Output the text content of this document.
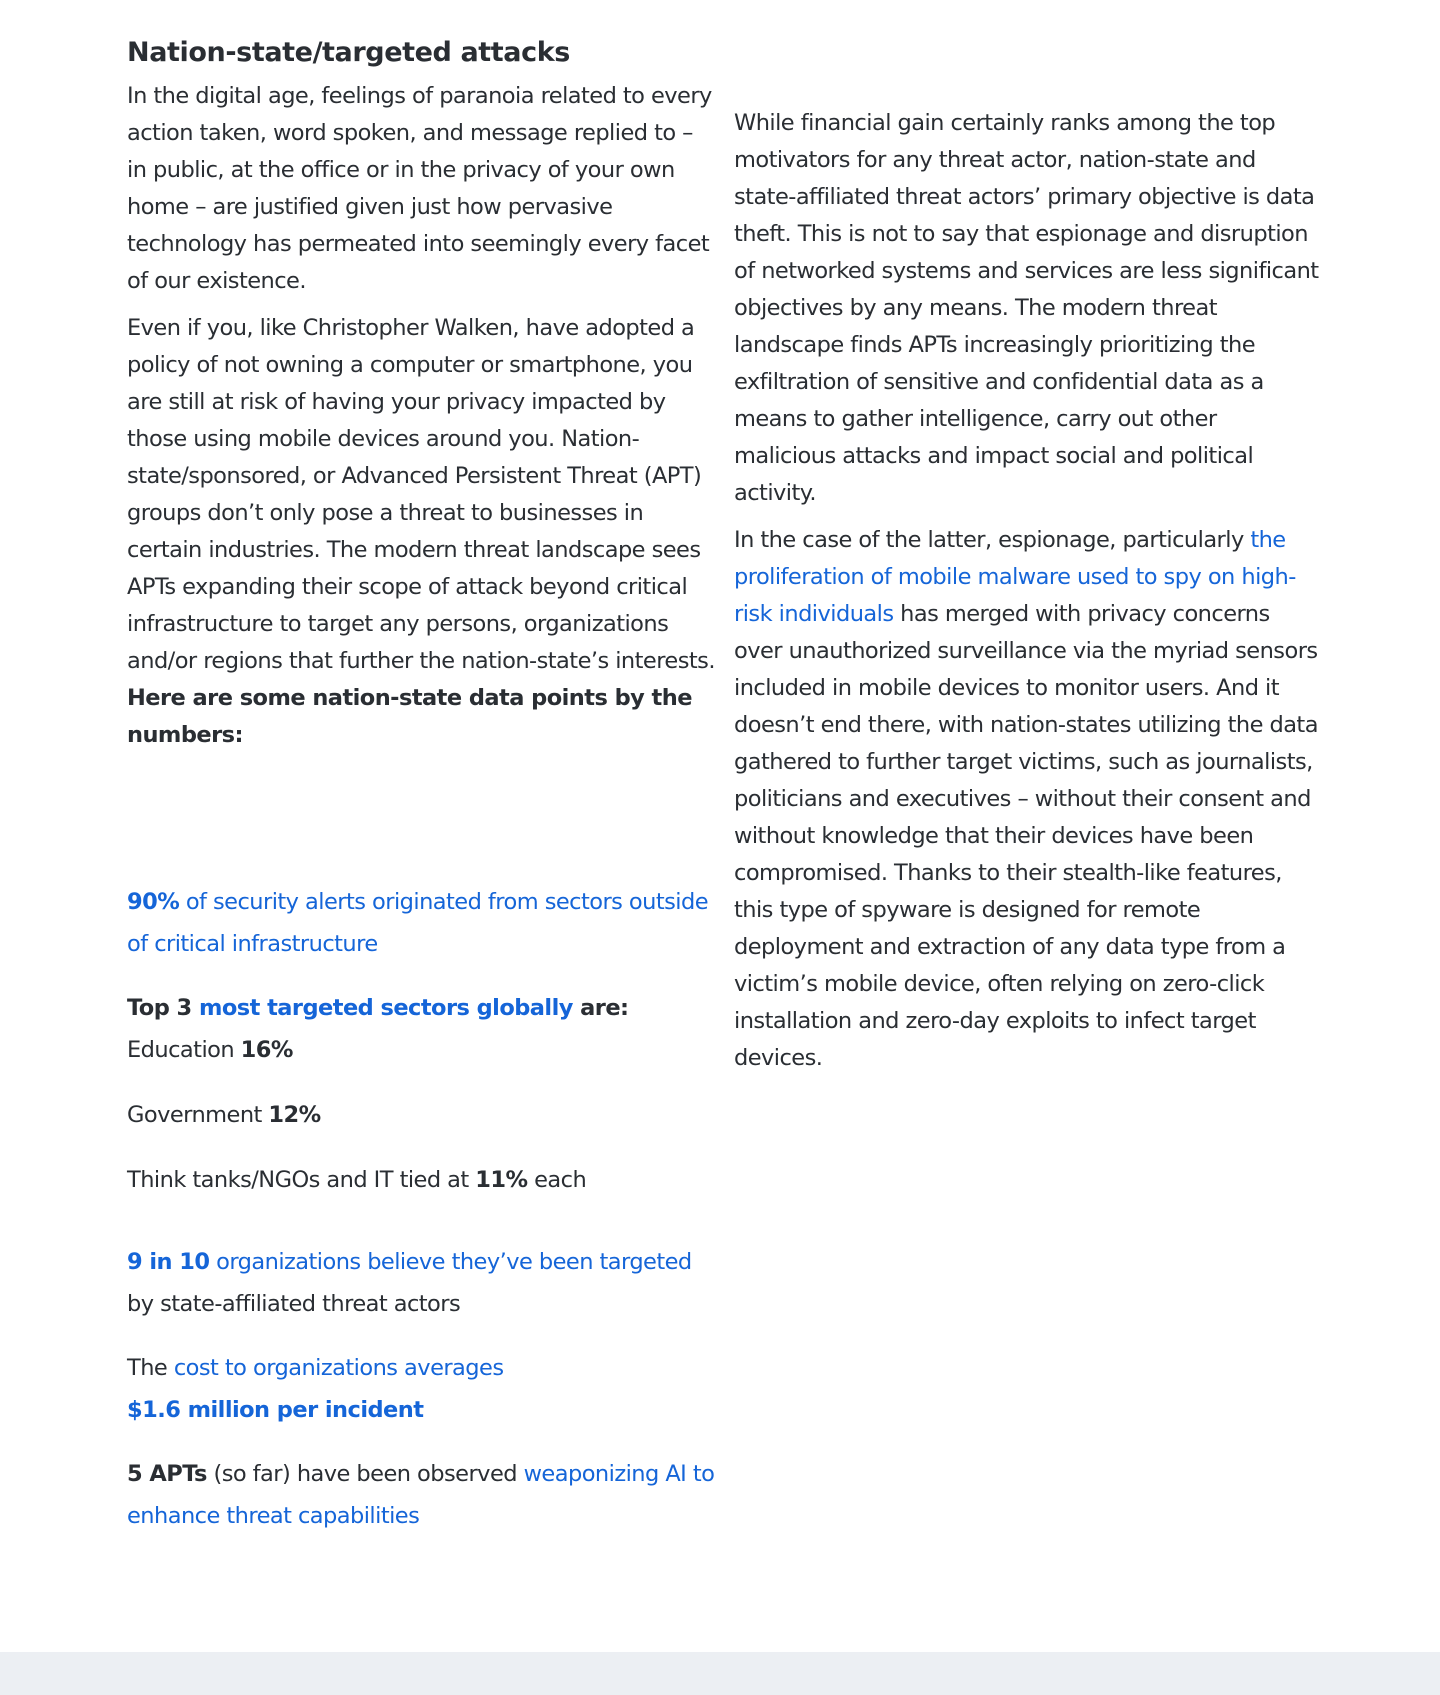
Nation-state/targeted attacks

In the digital age, feelings of paranoia related to every action taken, word spoken, and message replied to – in public, at the office or in the privacy of your own home – are justified given just how pervasive technology has permeated into seemingly every facet of our existence.

Even if you, like Christopher Walken, have adopted a policy of not owning a computer or smartphone, you are still at risk of having your privacy impacted by those using mobile devices around you. Nation-state/sponsored, or Advanced Persistent Threat (APT) groups don’t only pose a threat to businesses in certain industries. The modern threat landscape sees APTs expanding their scope of attack beyond critical infrastructure to target any persons, organizations and/or regions that further the nation-state’s interests.

Here are some nation-state data points by the numbers:

90% of security alerts originated from sectors outside of critical infrastructure

Top 3 most targeted sectors globally are:

Education 16%

Government 12%

Think tanks/NGOs and IT tied at 11% each

9 in 10 organizations believe they’ve been targeted by state-affiliated threat actors

The cost to organizations averages
$1.6 million per incident

5 APTs (so far) have been observed weaponizing AI to enhance threat capabilities

While financial gain certainly ranks among the top motivators for any threat actor, nation-state and state-affiliated threat actors’ primary objective is data theft. This is not to say that espionage and disruption of networked systems and services are less significant objectives by any means. The modern threat landscape finds APTs increasingly prioritizing the exfiltration of sensitive and confidential data as a means to gather intelligence, carry out other malicious attacks and impact social and political activity.

In the case of the latter, espionage, particularly the proliferation of mobile malware used to spy on high-risk individuals has merged with privacy concerns over unauthorized surveillance via the myriad sensors included in mobile devices to monitor users. And it doesn’t end there, with nation-states utilizing the data gathered to further target victims, such as journalists, politicians and executives – without their consent and without knowledge that their devices have been compromised. Thanks to their stealth-like features, this type of spyware is designed for remote deployment and extraction of any data type from a victim’s mobile device, often relying on zero-click installation and zero-day exploits to infect target devices.
